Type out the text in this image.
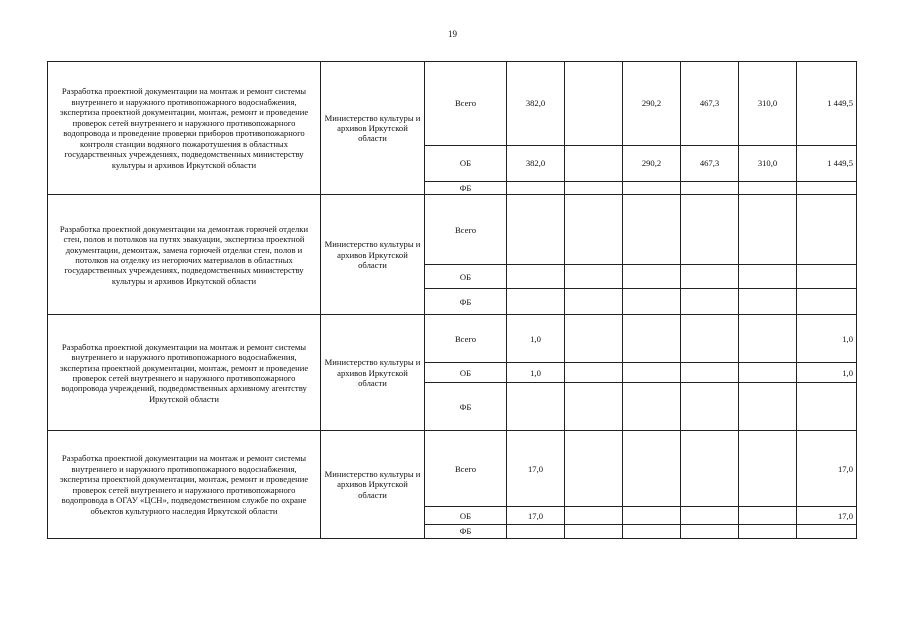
19
Разработка проектной документации на монтаж и ремонт системы внутреннего и наружного противопожарного водоснабжения, экспертиза проектной документации, монтаж, ремонт и проведение проверок сетей внутреннего и наружного противопожарного водопровода и проведение проверки приборов противопожарного контроля станции водяного пожаротушения в областных государственных учреждениях, подведомственных министерству культуры и архивов Иркутской области	Министерство культуры и архивов Иркутской области	Всего	382,0		290,2	467,3	310,0	1 449,5
		ОБ	382,0		290,2	467,3	310,0	1 449,5
		ФБ						
Разработка проектной документации на демонтаж горючей отделки стен, полов и потолков на путях эвакуации, экспертиза проектной документации, демонтаж, замена горючей отделки стен, полов и потолков на отделку из негорючих материалов в областных государственных учреждениях, подведомственных министерству культуры и архивов Иркутской области	Министерство культуры и архивов Иркутской области	Всего						
		ОБ						
		ФБ						
Разработка проектной документации на монтаж и ремонт системы внутреннего и наружного противопожарного водоснабжения, экспертиза проектной документации, монтаж, ремонт и проведение проверок сетей внутреннего и наружного противопожарного водопровода учреждений, подведомственных архивному агентству Иркутской области	Министерство культуры и архивов Иркутской области	Всего	1,0					1,0
		ОБ	1,0					1,0
		ФБ						
Разработка проектной документации на монтаж и ремонт системы внутреннего и наружного противопожарного водоснабжения, экспертиза проектной документации, монтаж, ремонт и проведение проверок сетей внутреннего и наружного противопожарного водопровода в ОГАУ «ЦСН», подведомственном службе по охране объектов культурного наследия Иркутской области	Министерство культуры и архивов Иркутской области	Всего	17,0					17,0
		ОБ	17,0					17,0
		ФБ						
